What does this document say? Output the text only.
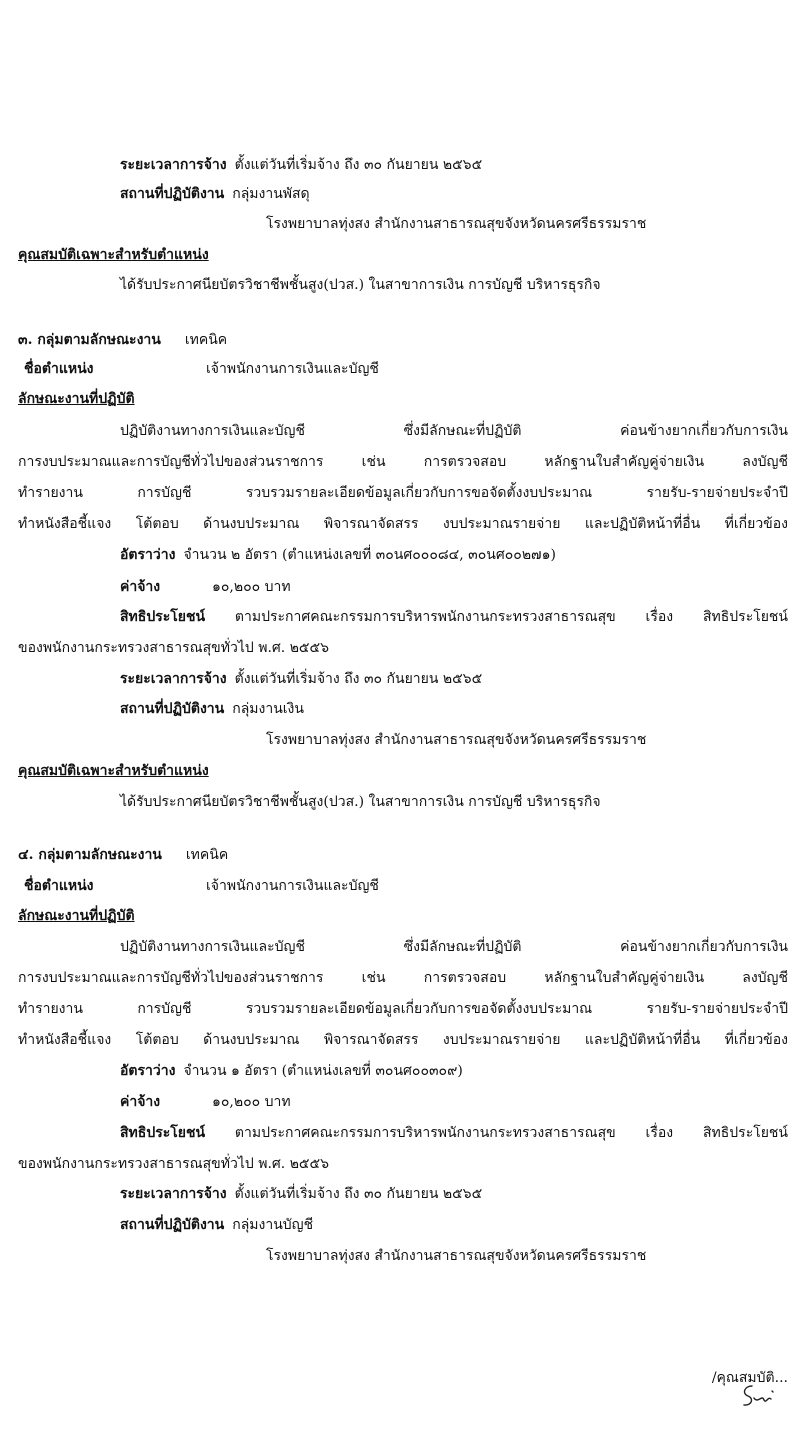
ระยะเวลาการจ้าง ตั้งแต่วันที่เริ่มจ้าง ถึง ๓๐ กันยายน ๒๕๖๕
สถานที่ปฏิบัติงาน กลุ่มงานพัสดุ
โรงพยาบาลทุ่งสง สำนักงานสาธารณสุขจังหวัดนครศรีธรรมราช
คุณสมบัติเฉพาะสำหรับตำแหน่ง
ได้รับประกาศนียบัตรวิชาชีพชั้นสูง(ปวส.) ในสาขาการเงิน การบัญชี บริหารธุรกิจ
๓. กลุ่มตามลักษณะงาน เทคนิค
ชื่อตำแหน่ง	เจ้าพนักงานการเงินและบัญชี
ลักษณะงานที่ปฏิบัติ
ปฏิบัติงานทางการเงินและบัญชี ซึ่งมีลักษณะที่ปฏิบัติ ค่อนข้างยากเกี่ยวกับการเงิน
การงบประมาณและการบัญชีทั่วไปของส่วนราชการ เช่น การตรวจสอบ หลักฐานใบสำคัญคู่จ่ายเงิน ลงบัญชี
ทำรายงาน การบัญชี รวบรวมรายละเอียดข้อมูลเกี่ยวกับการขอจัดตั้งงบประมาณ รายรับ-รายจ่ายประจำปี
ทำหนังสือชี้แจง โต้ตอบ ด้านงบประมาณ พิจารณาจัดสรร งบประมาณรายจ่าย และปฏิบัติหน้าที่อื่น ที่เกี่ยวข้อง
อัตราว่าง จำนวน ๒ อัตรา (ตำแหน่งเลขที่ ๓๐นศ๐๐๐๘๔, ๓๐นศ๐๐๒๗๑)
ค่าจ้าง	๑๐,๒๐๐ บาท
สิทธิประโยชน์ ตามประกาศคณะกรรมการบริหารพนักงานกระทรวงสาธารณสุข เรื่อง สิทธิประโยชน์
ของพนักงานกระทรวงสาธารณสุขทั่วไป พ.ศ. ๒๕๕๖
ระยะเวลาการจ้าง ตั้งแต่วันที่เริ่มจ้าง ถึง ๓๐ กันยายน ๒๕๖๕
สถานที่ปฏิบัติงาน กลุ่มงานเงิน
โรงพยาบาลทุ่งสง สำนักงานสาธารณสุขจังหวัดนครศรีธรรมราช
คุณสมบัติเฉพาะสำหรับตำแหน่ง
ได้รับประกาศนียบัตรวิชาชีพชั้นสูง(ปวส.) ในสาขาการเงิน การบัญชี บริหารธุรกิจ
๔. กลุ่มตามลักษณะงาน เทคนิค
ชื่อตำแหน่ง	เจ้าพนักงานการเงินและบัญชี
ลักษณะงานที่ปฏิบัติ
ปฏิบัติงานทางการเงินและบัญชี ซึ่งมีลักษณะที่ปฏิบัติ ค่อนข้างยากเกี่ยวกับการเงิน
การงบประมาณและการบัญชีทั่วไปของส่วนราชการ เช่น การตรวจสอบ หลักฐานใบสำคัญคู่จ่ายเงิน ลงบัญชี
ทำรายงาน การบัญชี รวบรวมรายละเอียดข้อมูลเกี่ยวกับการขอจัดตั้งงบประมาณ รายรับ-รายจ่ายประจำปี
ทำหนังสือชี้แจง โต้ตอบ ด้านงบประมาณ พิจารณาจัดสรร งบประมาณรายจ่าย และปฏิบัติหน้าที่อื่น ที่เกี่ยวข้อง
อัตราว่าง จำนวน ๑ อัตรา (ตำแหน่งเลขที่ ๓๐นศ๐๐๓๐๙)
ค่าจ้าง	๑๐,๒๐๐ บาท
สิทธิประโยชน์ ตามประกาศคณะกรรมการบริหารพนักงานกระทรวงสาธารณสุข เรื่อง สิทธิประโยชน์
ของพนักงานกระทรวงสาธารณสุขทั่วไป พ.ศ. ๒๕๕๖
ระยะเวลาการจ้าง ตั้งแต่วันที่เริ่มจ้าง ถึง ๓๐ กันยายน ๒๕๖๕
สถานที่ปฏิบัติงาน กลุ่มงานบัญชี
โรงพยาบาลทุ่งสง สำนักงานสาธารณสุขจังหวัดนครศรีธรรมราช
/คุณสมบัติ...
